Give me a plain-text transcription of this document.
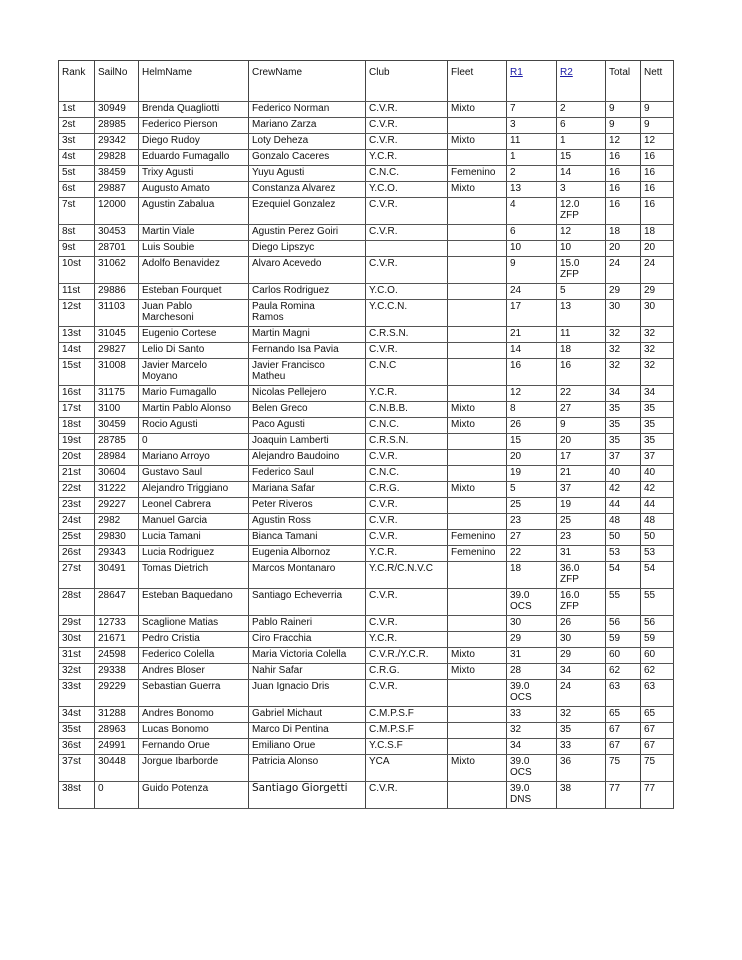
Rank	SailNo	HelmName	CrewName	Club	Fleet	R1	R2	Total	Nett
1st	30949	Brenda Quagliotti	Federico Norman	C.V.R.	Mixto	7	2	9	9
2st	28985	Federico Pierson	Mariano Zarza	C.V.R.		3	6	9	9
3st	29342	Diego Rudoy	Loty Deheza	C.V.R.	Mixto	11	1	12	12
4st	29828	Eduardo Fumagallo	Gonzalo Caceres	Y.C.R.		1	15	16	16
5st	38459	Trixy Agusti	Yuyu Agusti	C.N.C.	Femenino	2	14	16	16
6st	29887	Augusto Amato	Constanza Alvarez	Y.C.O.	Mixto	13	3	16	16
7st	12000	Agustin Zabalua	Ezequiel Gonzalez	C.V.R.		4	12.0
ZFP	16	16
8st	30453	Martin Viale	Agustin Perez Goiri	C.V.R.		6	12	18	18
9st	28701	Luis Soubie	Diego Lipszyc			10	10	20	20
10st	31062	Adolfo Benavidez	Alvaro Acevedo	C.V.R.		9	15.0
ZFP	24	24
11st	29886	Esteban Fourquet	Carlos Rodriguez	Y.C.O.		24	5	29	29
12st	31103	Juan Pablo
Marchesoni	Paula Romina
Ramos	Y.C.C.N.		17	13	30	30
13st	31045	Eugenio Cortese	Martin Magni	C.R.S.N.		21	11	32	32
14st	29827	Lelio Di Santo	Fernando Isa Pavia	C.V.R.		14	18	32	32
15st	31008	Javier Marcelo
Moyano	Javier Francisco
Matheu	C.N.C		16	16	32	32
16st	31175	Mario Fumagallo	Nicolas Pellejero	Y.C.R.		12	22	34	34
17st	3100	Martin Pablo Alonso	Belen Greco	C.N.B.B.	Mixto	8	27	35	35
18st	30459	Rocio Agusti	Paco Agusti	C.N.C.	Mixto	26	9	35	35
19st	28785	0	Joaquin Lamberti	C.R.S.N.		15	20	35	35
20st	28984	Mariano Arroyo	Alejandro Baudoino	C.V.R.		20	17	37	37
21st	30604	Gustavo Saul	Federico Saul	C.N.C.		19	21	40	40
22st	31222	Alejandro Triggiano	Mariana Safar	C.R.G.	Mixto	5	37	42	42
23st	29227	Leonel Cabrera	Peter Riveros	C.V.R.		25	19	44	44
24st	2982	Manuel Garcia	Agustin Ross	C.V.R.		23	25	48	48
25st	29830	Lucia Tamani	Bianca Tamani	C.V.R.	Femenino	27	23	50	50
26st	29343	Lucia Rodriguez	Eugenia Albornoz	Y.C.R.	Femenino	22	31	53	53
27st	30491	Tomas Dietrich	Marcos Montanaro	Y.C.R/C.N.V.C		18	36.0
ZFP	54	54
28st	28647	Esteban Baquedano	Santiago Echeverria	C.V.R.		39.0
OCS	16.0
ZFP	55	55
29st	12733	Scaglione Matias	Pablo Raineri	C.V.R.		30	26	56	56
30st	21671	Pedro Cristia	Ciro Fracchia	Y.C.R.		29	30	59	59
31st	24598	Federico Colella	Maria Victoria Colella	C.V.R./Y.C.R.	Mixto	31	29	60	60
32st	29338	Andres Bloser	Nahir Safar	C.R.G.	Mixto	28	34	62	62
33st	29229	Sebastian Guerra	Juan Ignacio Dris	C.V.R.		39.0
OCS	24	63	63
34st	31288	Andres Bonomo	Gabriel Michaut	C.M.P.S.F		33	32	65	65
35st	28963	Lucas Bonomo	Marco Di Pentina	C.M.P.S.F		32	35	67	67
36st	24991	Fernando Orue	Emiliano Orue	Y.C.S.F		34	33	67	67
37st	30448	Jorgue Ibarborde	Patricia Alonso	YCA	Mixto	39.0
OCS	36	75	75
38st	0	Guido Potenza	Santiago Giorgetti	C.V.R.		39.0
DNS	38	77	77
